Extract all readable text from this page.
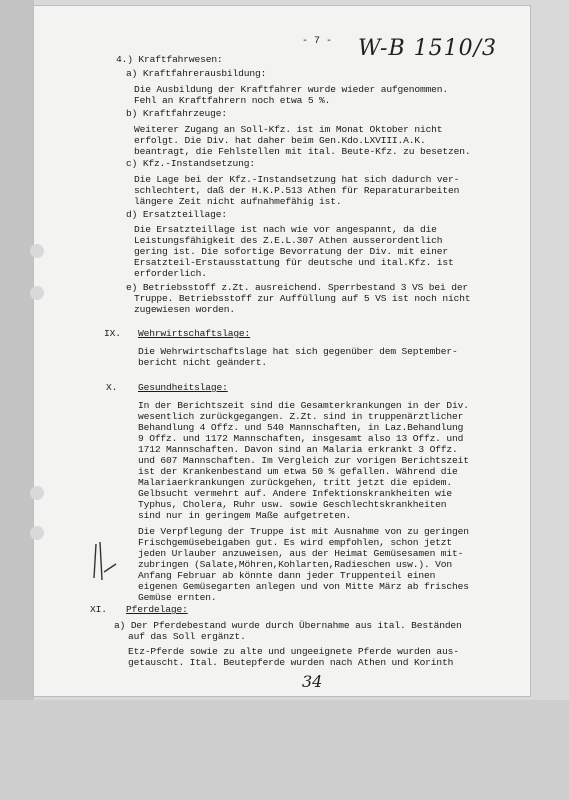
- 7 - W-B 1510/3
4.) Kraftfahrwesen:
a) Kraftfahrerausbildung:
Die Ausbildung der Kraftfahrer wurde wieder aufgenommen.
Fehl an Kraftfahrern noch etwa 5 %.
b) Kraftfahrzeuge:
Weiterer Zugang an Soll-Kfz. ist im Monat Oktober nicht
erfolgt. Die Div. hat daher beim Gen.Kdo.LXVIII.A.K.
beantragt, die Fehlstellen mit ital. Beute-Kfz. zu besetzen.
c) Kfz.-Instandsetzung:
Die Lage bei der Kfz.-Instandsetzung hat sich dadurch ver-
schlechtert, daß der H.K.P.513 Athen für Reparaturarbeiten
längere Zeit nicht aufnahmefähig ist.
d) Ersatzteillage:
Die Ersatzteillage ist nach wie vor angespannt, da die
Leistungsfähigkeit des Z.E.L.307 Athen ausserordentlich
gering ist. Die sofortige Bevorratung der Div. mit einer
Ersatzteil-Erstausstattung für deutsche und ital.Kfz. ist
erforderlich.
e) Betriebsstoff z.Zt. ausreichend. Sperrbestand 3 VS bei der
Truppe. Betriebsstoff zur Auffüllung auf 5 VS ist noch nicht
zugewiesen worden.
IX. Wehrwirtschaftslage:
Die Wehrwirtschaftslage hat sich gegenüber dem September-
bericht nicht geändert.
X. Gesundheitslage:
In der Berichtszeit sind die Gesamterkrankungen in der Div.
wesentlich zurückgegangen. Z.Zt. sind in truppenärztlicher
Behandlung 4 Offz. und 540 Mannschaften, in Laz.Behandlung
9 Offz. und 1172 Mannschaften, insgesamt also 13 Offz. und
1712 Mannschaften. Davon sind an Malaria erkrankt 3 Offz.
und 607 Mannschaften. Im Vergleich zur vorigen Berichtszeit
ist der Krankenbestand um etwa 50 % gefallen. Während die
Malariaerkrankungen zurückgehen, tritt jetzt die epidem.
Gelbsucht vermehrt auf. Andere Infektionskrankheiten wie
Typhus, Cholera, Ruhr usw. sowie Geschlechtskrankheiten
sind nur in geringem Maße aufgetreten.
Die Verpflegung der Truppe ist mit Ausnahme von zu geringen
Frischgemüsebeigaben gut. Es wird empfohlen, schon jetzt
jeden Urlauber anzuweisen, aus der Heimat Gemüsesamen mit-
zubringen (Salate,Möhren,Kohlarten,Radieschen usw.). Von
Anfang Februar ab könnte dann jeder Truppenteil einen
eigenen Gemüsegarten anlegen und von Mitte März ab frisches
Gemüse ernten.
XI. Pferdelage:
a) Der Pferdebestand wurde durch Übernahme aus ital. Beständen
auf das Soll ergänzt.
Etz-Pferde sowie zu alte und ungeeignete Pferde wurden aus-
getauscht. Ital. Beutepferde wurden nach Athen und Korinth
34
